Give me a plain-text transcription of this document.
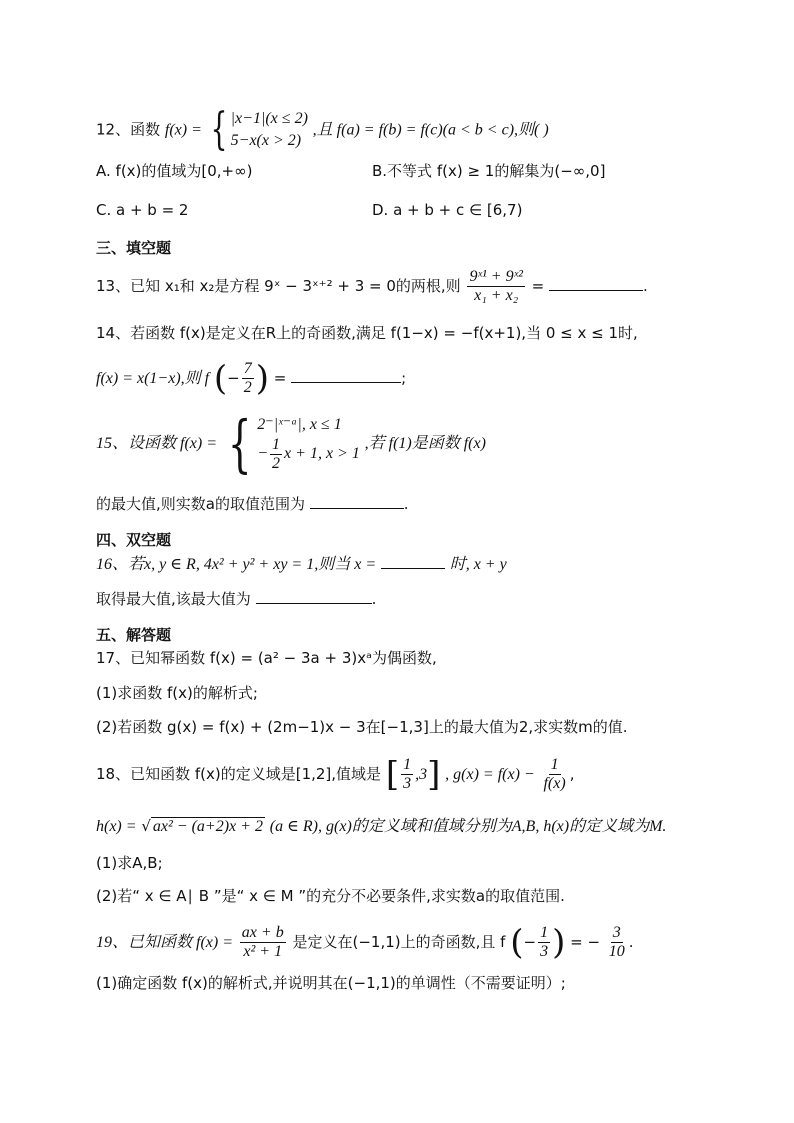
12、函数 f(x) = { |x−1|(x ≤ 2)
5−x(x > 2)
,且 f(a) = f(b) = f(c)(a < b < c),则( )
A. f(x)的值域为[0,+∞)	B.不等式 f(x) ≥ 1的解集为(−∞,0]
C. a + b = 2	D. a + b + c ∈ [6,7)
三、填空题
13、已知 x₁和 x₂是方程 9ˣ − 3ˣ⁺² + 3 = 0的两根,则 $\frac{\text{9ˣ¹ + 9ˣ²}}{\text{x₁ + x₂}}$ =	.
14、若函数 f(x)是定义在R上的奇函数,满足 f(1−x) = −f(x+1),当 0 ≤ x ≤ 1时,
f(x) = x(1−x),则 f (− $\frac{7}{2}$ ) =	;
15、设函数 f(x) = { 2⁻|ˣ⁻ᵃ|, x ≤ 1
− $\frac{1}{2}$ x + 1, x > 1
,若 f(1)是函数 f(x)
的最大值,则实数a的取值范围为	.
四、双空题
16、若x, y ∈ R, 4x² + y² + xy = 1,则当 x =	时, x + y
取得最大值,该最大值为	.
五、解答题
17、已知幂函数 f(x) = (a² − 3a + 3)xᵃ为偶函数,
(1)求函数 f(x)的解析式;
(2)若函数 g(x) = f(x) + (2m−1)x − 3在[−1,3]上的最大值为2,求实数m的值.
18、已知函数 f(x)的定义域是[1,2],值域是 [ $\frac{1}{3} ,3$] , $g(x) = f(x) - \frac{1}{f(x)}$ ,
h(x) = √ ax² − (a+2)x + 2 (a ∈ R), g(x)的定义域和值域分别为A,B, h(x)的定义域为M.
(1)求A,B;
(2)若“ x ∈ A∣ B ”是“ x ∈ M ”的充分不必要条件,求实数a的取值范围.
19、已知函数 $f(x) = \frac{ax + b}{\text{x² + 1}}$ 是定义在(−1,1)上的奇函数,且 f (− $\frac{1}{3}$ ) = − $\frac{3}{10}$ .
(1)确定函数 f(x)的解析式,并说明其在(−1,1)的单调性（不需要证明）;
